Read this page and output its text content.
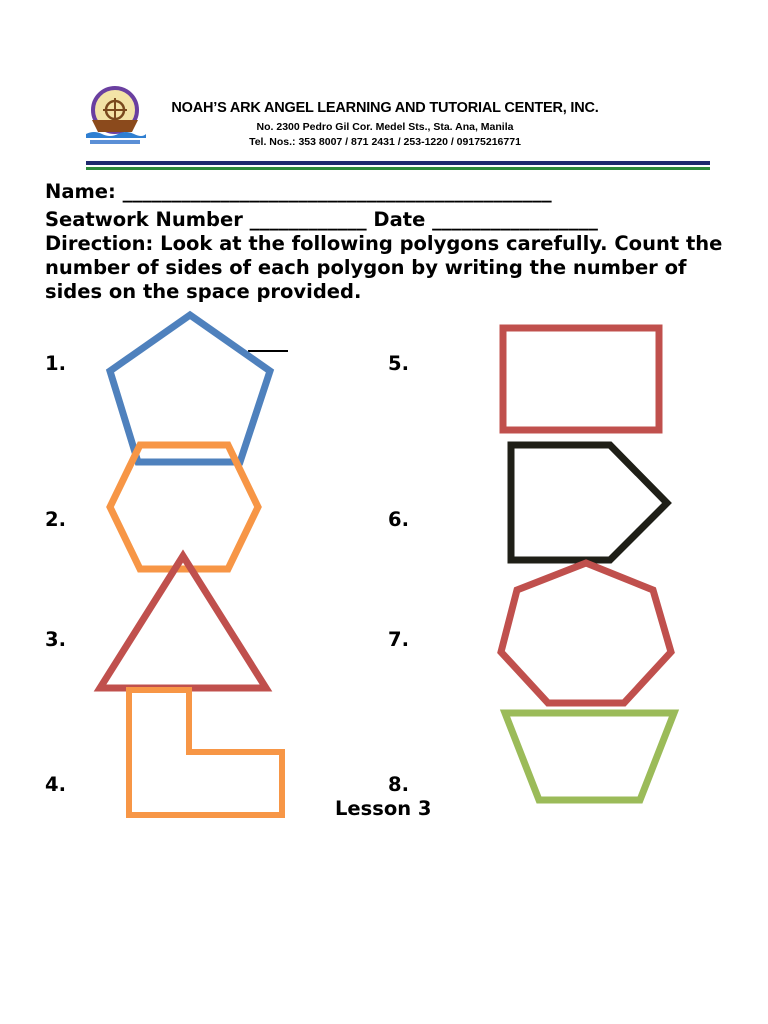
NOAH’S ARK ANGEL LEARNING AND TUTORIAL CENTER, INC.
No. 2300 Pedro Gil Cor. Medel Sts., Sta. Ana, Manila
Tel. Nos.: 353 8007 / 871 2431 / 253-1220 / 09175216771
Name: ____________________________________________
Seatwork Number ____________ Date _________________
Direction: Look at the following polygons carefully. Count the number of sides of each polygon by writing the number of sides on the space provided.
1.
2.
3.
4.
5.
6.
7.
8.
Lesson 3
